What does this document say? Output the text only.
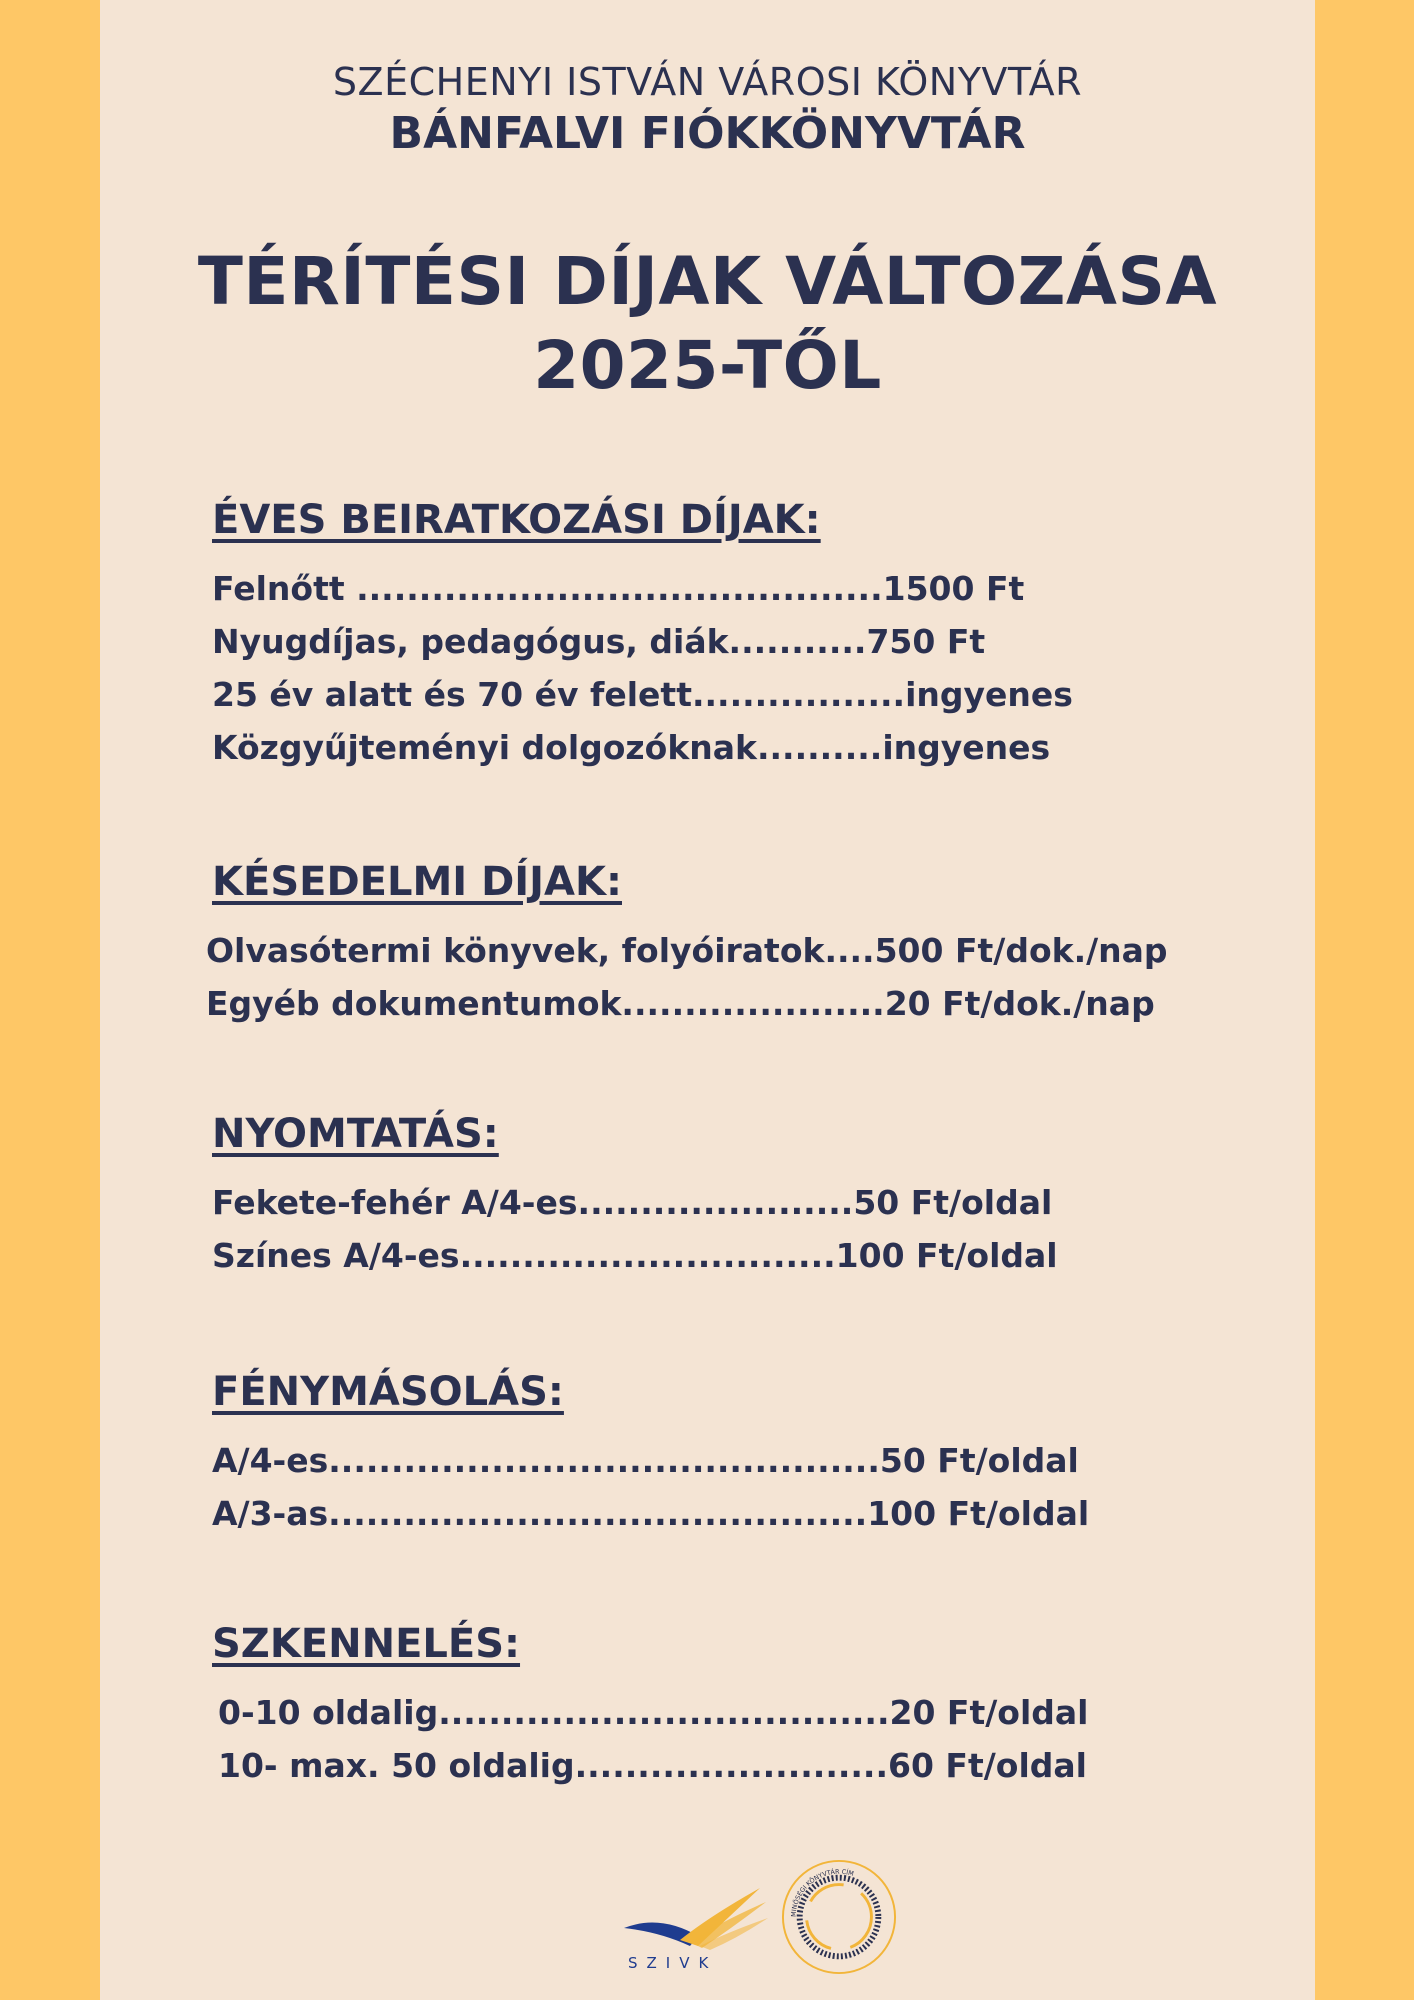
SZÉCHENYI ISTVÁN VÁROSI KÖNYVTÁR
BÁNFALVI FIÓKKÖNYVTÁR
TÉRÍTÉSI DÍJAK VÁLTOZÁSA
2025-TŐL
ÉVES BEIRATKOZÁSI DÍJAK:
Felnőtt ..........................................1500 Ft
Nyugdíjas, pedagógus, diák...........750 Ft
25 év alatt és 70 év felett.................ingyenes
Közgyűjteményi dolgozóknak..........ingyenes
KÉSEDELMI DÍJAK:
Olvasótermi könyvek, folyóiratok....500 Ft/dok./nap
Egyéb dokumentumok.....................20 Ft/dok./nap
NYOMTATÁS:
Fekete-fehér A/4-es......................50 Ft/oldal
Színes A/4-es..............................100 Ft/oldal
FÉNYMÁSOLÁS:
A/4-es............................................50 Ft/oldal
A/3-as...........................................100 Ft/oldal
SZKENNELÉS:
0-10 oldalig....................................20 Ft/oldal
10- max. 50 oldalig.........................60 Ft/oldal
SZIVK
MINŐSÉGI KÖNYVTÁR CÍM
